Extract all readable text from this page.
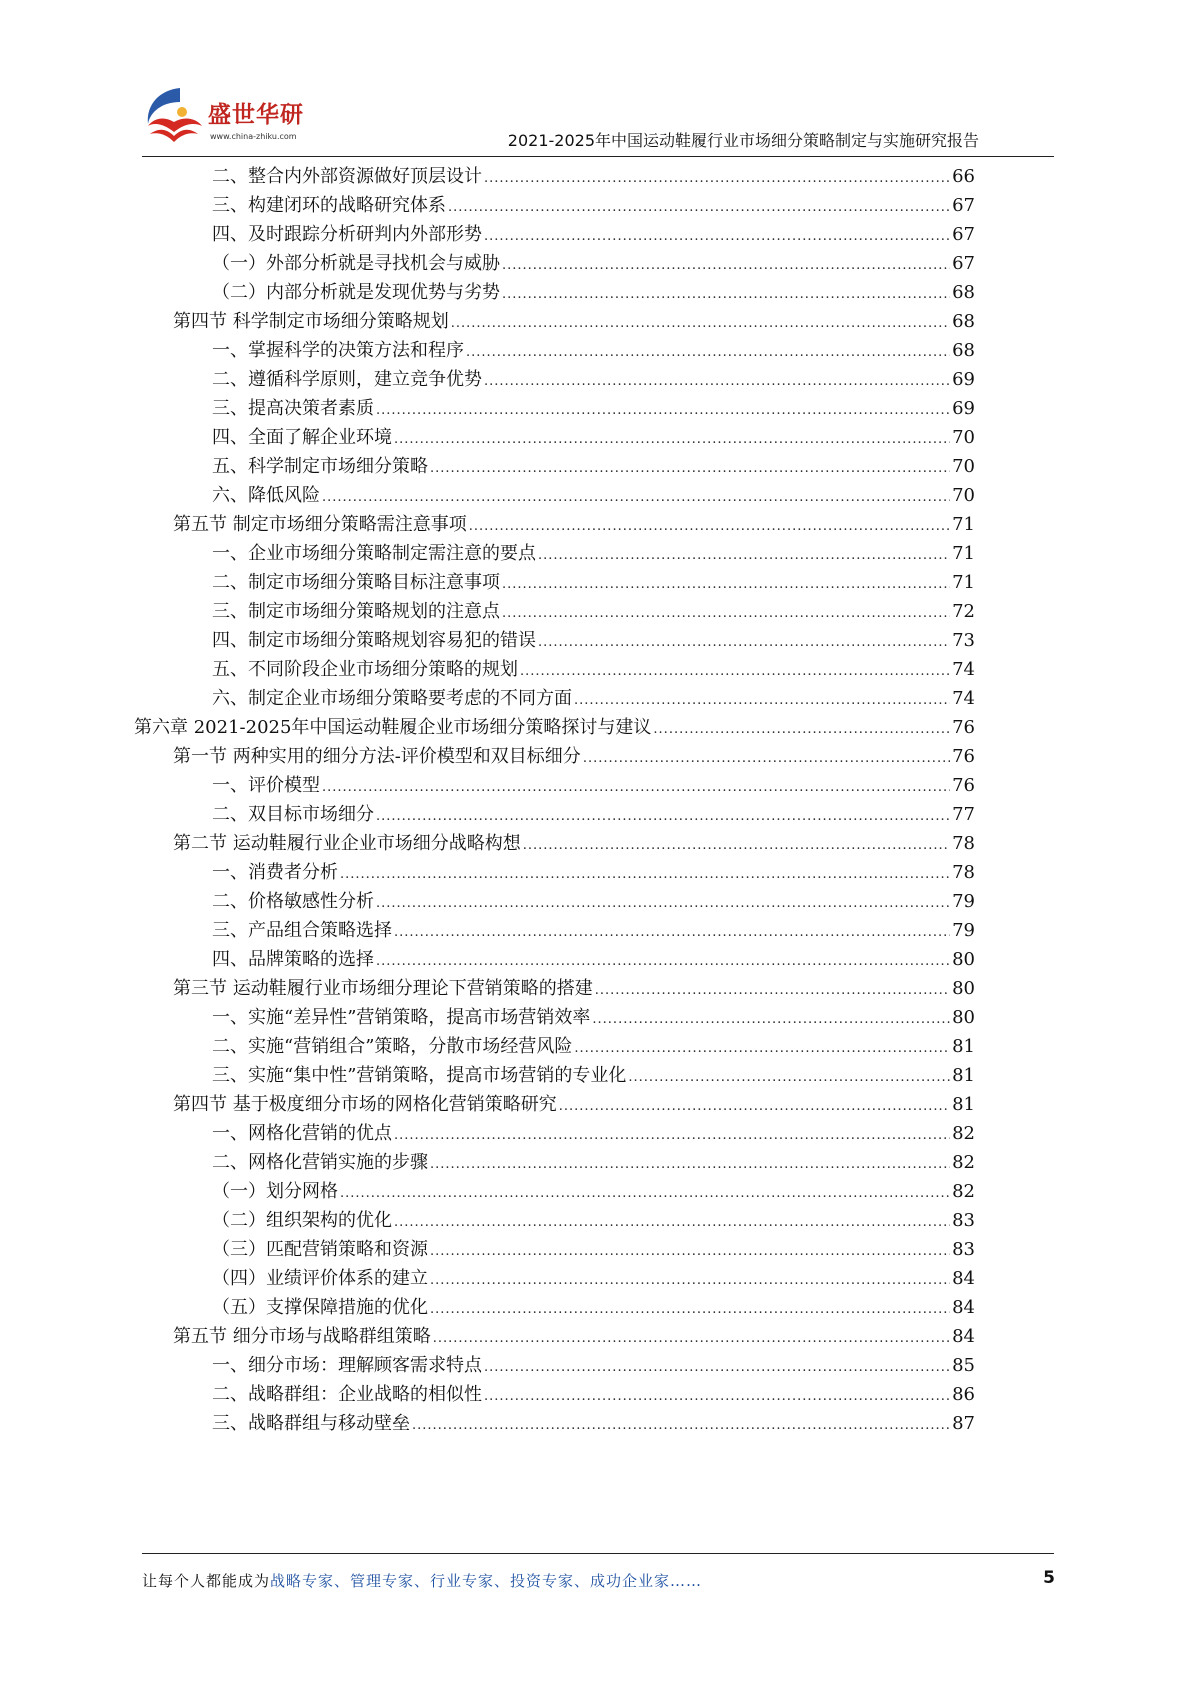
盛世华研
www.china-zhiku.com	2021-2025年中国运动鞋履行业市场细分策略制定与实施研究报告
二、整合内外部资源做好顶层设计 .....	66
三、构建闭环的战略研究体系 .....	67
四、及时跟踪分析研判内外部形势 .....	67
（一）外部分析就是寻找机会与威胁 .....	67
（二）内部分析就是发现优势与劣势 .....	68
第四节 科学制定市场细分策略规划 .....	68
一、掌握科学的决策方法和程序 .....	68
二、遵循科学原则，建立竞争优势 .....	69
三、提高决策者素质 .....	69
四、全面了解企业环境 .....	70
五、科学制定市场细分策略 .....	70
六、降低风险 .....	70
第五节 制定市场细分策略需注意事项 .....	71
一、企业市场细分策略制定需注意的要点 .....	71
二、制定市场细分策略目标注意事项 .....	71
三、制定市场细分策略规划的注意点 .....	72
四、制定市场细分策略规划容易犯的错误 .....	73
五、不同阶段企业市场细分策略的规划 .....	74
六、制定企业市场细分策略要考虑的不同方面 .....	74
第六章 2021-2025年中国运动鞋履企业市场细分策略探讨与建议 .....	76
第一节 两种实用的细分方法-评价模型和双目标细分 .....	76
一、评价模型 .....	76
二、双目标市场细分 .....	77
第二节 运动鞋履行业企业市场细分战略构想 .....	78
一、消费者分析 .....	78
二、价格敏感性分析 .....	79
三、产品组合策略选择 .....	79
四、品牌策略的选择 .....	80
第三节 运动鞋履行业市场细分理论下营销策略的搭建 .....	80
一、实施“差异性”营销策略，提高市场营销效率 .....	80
二、实施“营销组合”策略，分散市场经营风险 .....	81
三、实施“集中性”营销策略，提高市场营销的专业化 .....	81
第四节 基于极度细分市场的网格化营销策略研究 .....	81
一、网格化营销的优点 .....	82
二、网格化营销实施的步骤 .....	82
（一）划分网格 .....	82
（二）组织架构的优化 .....	83
（三）匹配营销策略和资源 .....	83
（四）业绩评价体系的建立 .....	84
（五）支撑保障措施的优化 .....	84
第五节 细分市场与战略群组策略 .....	84
一、细分市场：理解顾客需求特点 .....	85
二、战略群组：企业战略的相似性 .....	86
三、战略群组与移动壁垒 .....	87
让每个人都能成为战略专家、管理专家、行业专家、投资专家、成功企业家……	5
